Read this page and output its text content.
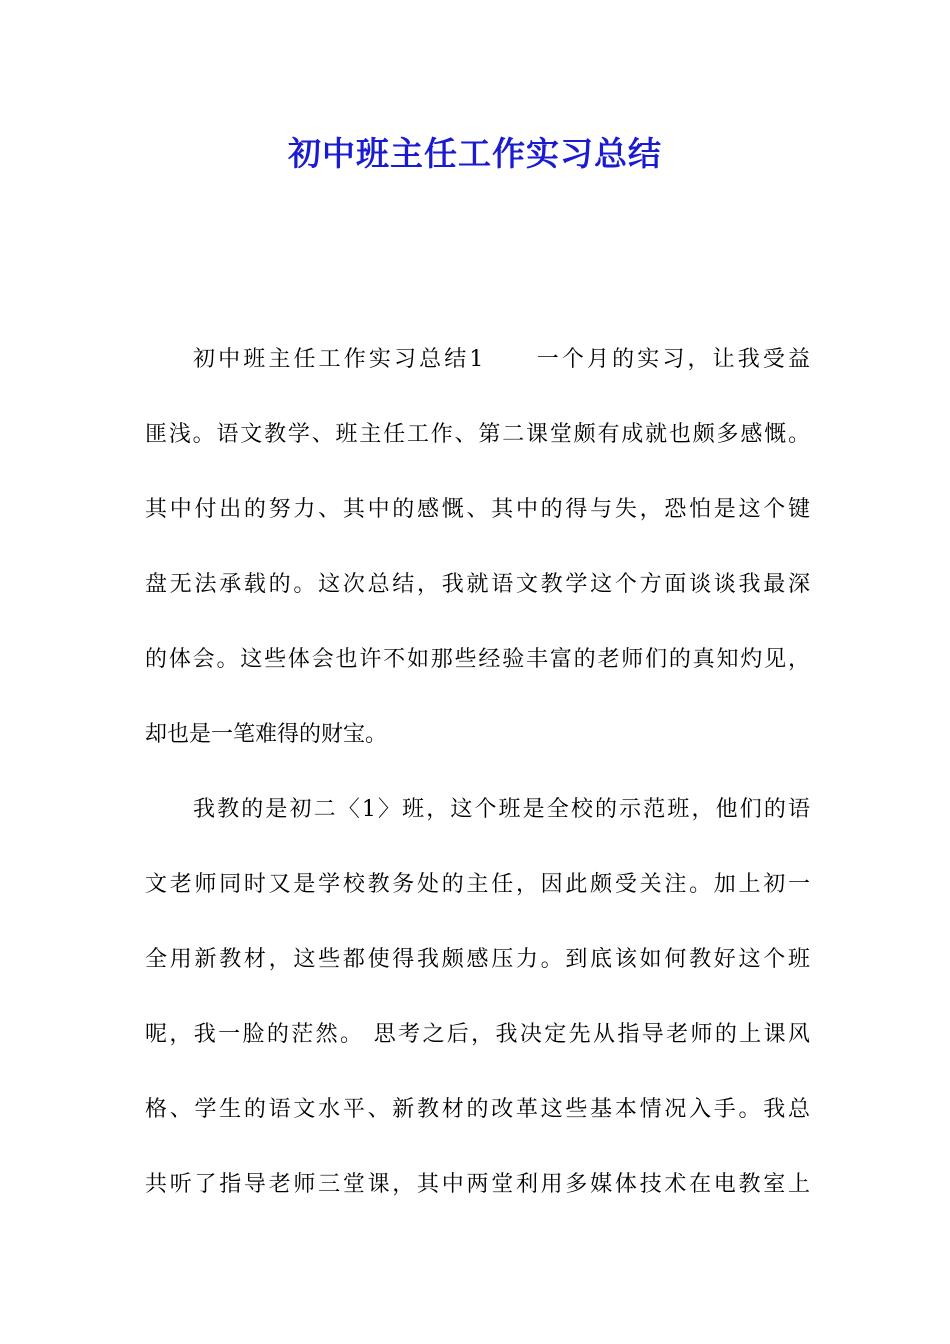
初中班主任工作实习总结
初中班主任工作实习总结1　　一个月的实习，让我受益
匪浅。语文教学、班主任工作、第二课堂颇有成就也颇多感慨。
其中付出的努力、其中的感慨、其中的得与失，恐怕是这个键
盘无法承载的。这次总结，我就语文教学这个方面谈谈我最深
的体会。这些体会也许不如那些经验丰富的老师们的真知灼见，
却也是一笔难得的财宝。
我教的是初二〈1〉班，这个班是全校的示范班，他们的语
文老师同时又是学校教务处的主任，因此颇受关注。加上初一
全用新教材，这些都使得我颇感压力。到底该如何教好这个班
呢，我一脸的茫然。 思考之后，我决定先从指导老师的上课风
格、学生的语文水平、新教材的改革这些基本情况入手。我总
共听了指导老师三堂课，其中两堂利用多媒体技术在电教室上
